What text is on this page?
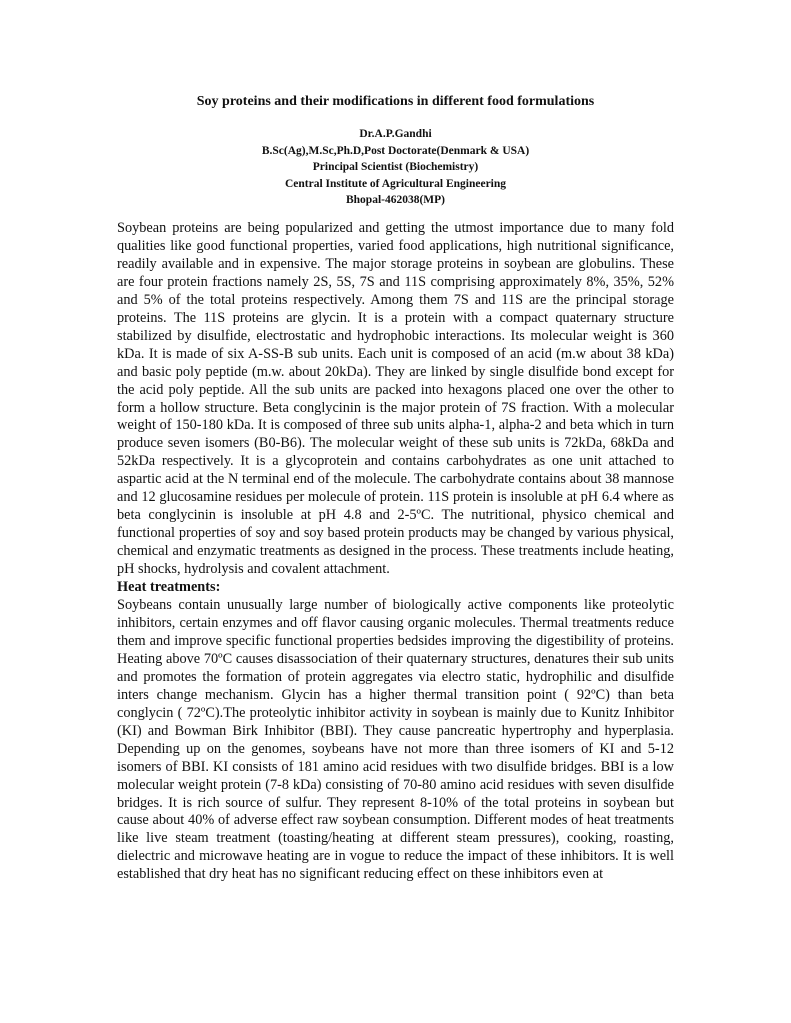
Soy proteins and their modifications in different food formulations
Dr.A.P.Gandhi
B.Sc(Ag),M.Sc,Ph.D,Post Doctorate(Denmark & USA)
Principal Scientist (Biochemistry)
Central Institute of Agricultural Engineering
Bhopal-462038(MP)

Soybean proteins are being popularized and getting the utmost importance due to many fold qualities like good functional properties, varied food applications, high nutritional significance, readily available and in expensive. The major storage proteins in soybean are globulins. These are four protein fractions namely 2S, 5S, 7S and 11S comprising approximately 8%, 35%, 52% and 5% of the total proteins respectively. Among them 7S and 11S are the principal storage proteins. The 11S proteins are glycin. It is a protein with a compact quaternary structure stabilized by disulfide, electrostatic and hydrophobic interactions. Its molecular weight is 360 kDa. It is made of six A-SS-B sub units. Each unit is composed of an acid (m.w about 38 kDa) and basic poly peptide (m.w. about 20kDa). They are linked by single disulfide bond except for the acid poly peptide. All the sub units are packed into hexagons placed one over the other to form a hollow structure. Beta conglycinin is the major protein of 7S fraction. With a molecular weight of 150-180 kDa. It is composed of three sub units alpha-1, alpha-2 and beta which in turn produce seven isomers (B0-B6). The molecular weight of these sub units is 72kDa, 68kDa and 52kDa respectively. It is a glycoprotein and contains carbohydrates as one unit attached to aspartic acid at the N terminal end of the molecule. The carbohydrate contains about 38 mannose and 12 glucosamine residues per molecule of protein. 11S protein is insoluble at pH 6.4 where as beta conglycinin is insoluble at pH 4.8 and 2-5ºC. The nutritional, physico chemical and functional properties of soy and soy based protein products may be changed by various physical, chemical and enzymatic treatments as designed in the process. These treatments include heating, pH shocks, hydrolysis and covalent attachment.

Heat treatments:

Soybeans contain unusually large number of biologically active components like proteolytic inhibitors, certain enzymes and off flavor causing organic molecules. Thermal treatments reduce them and improve specific functional properties bedsides improving the digestibility of proteins. Heating above 70ºC causes disassociation of their quaternary structures, denatures their sub units and promotes the formation of protein aggregates via electro static, hydrophilic and disulfide inters change mechanism. Glycin has a higher thermal transition point ( 92ºC) than beta conglycin ( 72ºC).The proteolytic inhibitor activity in soybean is mainly due to Kunitz Inhibitor (KI) and Bowman Birk Inhibitor (BBI). They cause pancreatic hypertrophy and hyperplasia. Depending up on the genomes, soybeans have not more than three isomers of KI and 5-12 isomers of BBI. KI consists of 181 amino acid residues with two disulfide bridges. BBI is a low molecular weight protein (7-8 kDa) consisting of 70-80 amino acid residues with seven disulfide bridges. It is rich source of sulfur. They represent 8-10% of the total proteins in soybean but cause about 40% of adverse effect raw soybean consumption. Different modes of heat treatments like live steam treatment (toasting/heating at different steam pressures), cooking, roasting, dielectric and microwave heating are in vogue to reduce the impact of these inhibitors. It is well established that dry heat has no significant reducing effect on these inhibitors even at
